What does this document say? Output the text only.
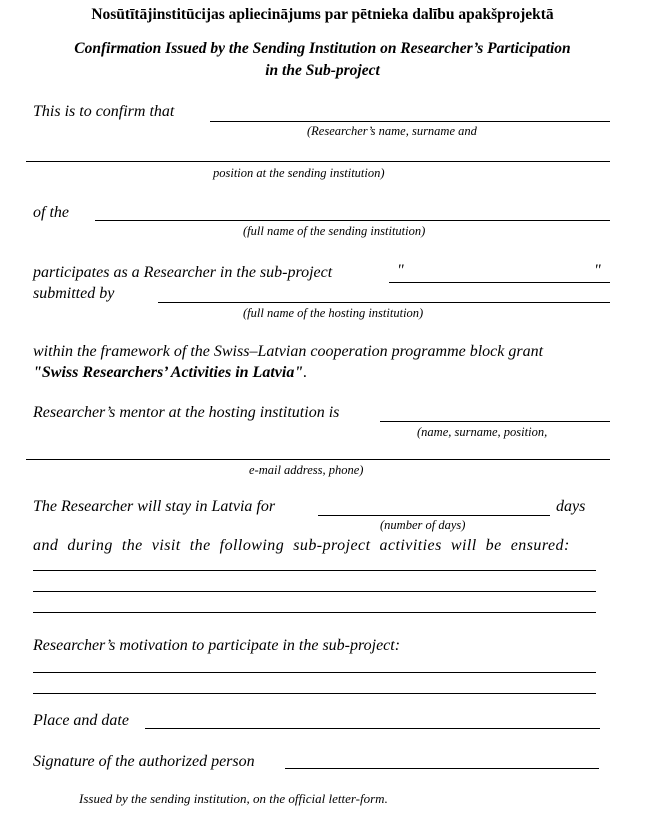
Nosūtītājinstitūcijas apliecinājums par pētnieka dalību apakšprojektā
Confirmation Issued by the Sending Institution on Researcher’s Participation
in the Sub-project
This is to confirm that
(Researcher’s name, surname and
position at the sending institution)
of the
(full name of the sending institution)
participates as a Researcher in the sub-project	"	"
submitted by
(full name of the hosting institution)
within the framework of the Swiss–Latvian cooperation programme block grant
"Swiss Researchers’ Activities in Latvia".
Researcher’s mentor at the hosting institution is
(name, surname, position,
e-mail address, phone)
The Researcher will stay in Latvia for	days
(number of days)
and during the visit the following sub-project activities will be ensured:
Researcher’s motivation to participate in the sub-project:
Place and date
Signature of the authorized person
Issued by the sending institution, on the official letter-form.
